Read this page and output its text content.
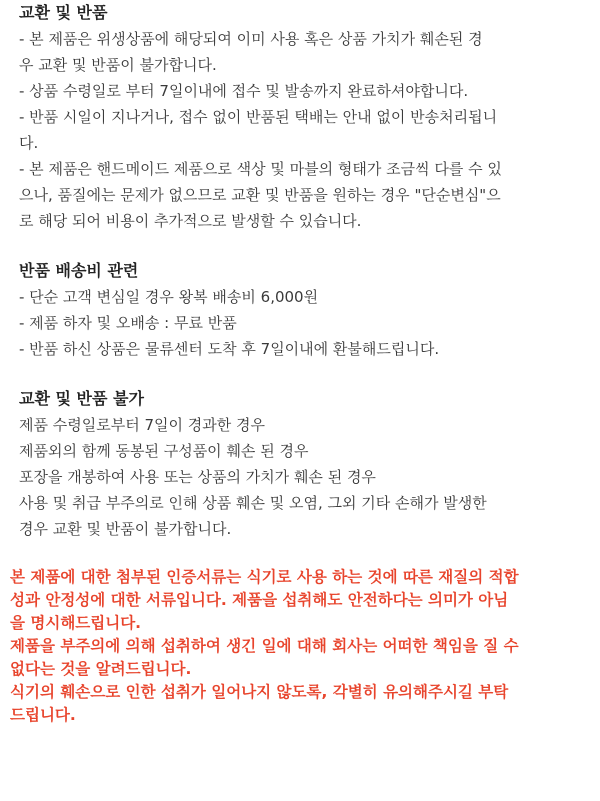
교환 및 반품
- 본 제품은 위생상품에 해당되여 이미 사용 혹은 상품 가치가 훼손된 경
우 교환 및 반품이 불가합니다.
- 상품 수령일로 부터 7일이내에 접수 및 발송까지 완료하셔야합니다.
- 반품 시일이 지나거나, 접수 없이 반품된 택배는 안내 없이 반송처리됩니
다.
- 본 제품은 핸드메이드 제품으로 색상 및 마블의 형태가 조금씩 다를 수 있
으나, 품질에는 문제가 없으므로 교환 및 반품을 원하는 경우 "단순변심"으
로 해당 되어 비용이 추가적으로 발생할 수 있습니다.
반품 배송비 관련
- 단순 고객 변심일 경우 왕복 배송비 6,000원
- 제품 하자 및 오배송 : 무료 반품
- 반품 하신 상품은 물류센터 도착 후 7일이내에 환불해드립니다.
교환 및 반품 불가
제품 수령일로부터 7일이 경과한 경우
제품외의 함께 동봉된 구성품이 훼손 된 경우
포장을 개봉하여 사용 또는 상품의 가치가 훼손 된 경우
사용 및 취급 부주의로 인해 상품 훼손 및 오염, 그외 기타 손해가 발생한
경우 교환 및 반품이 불가합니다.
본 제품에 대한 첨부된 인증서류는 식기로 사용 하는 것에 따른 재질의 적합
성과 안정성에 대한 서류입니다. 제품을 섭취해도 안전하다는 의미가 아님
을 명시해드립니다.
제품을 부주의에 의해 섭취하여 생긴 일에 대해 회사는 어떠한 책임을 질 수
없다는 것을 알려드립니다.
식기의 훼손으로 인한 섭취가 일어나지 않도록, 각별히 유의해주시길 부탁
드립니다.
